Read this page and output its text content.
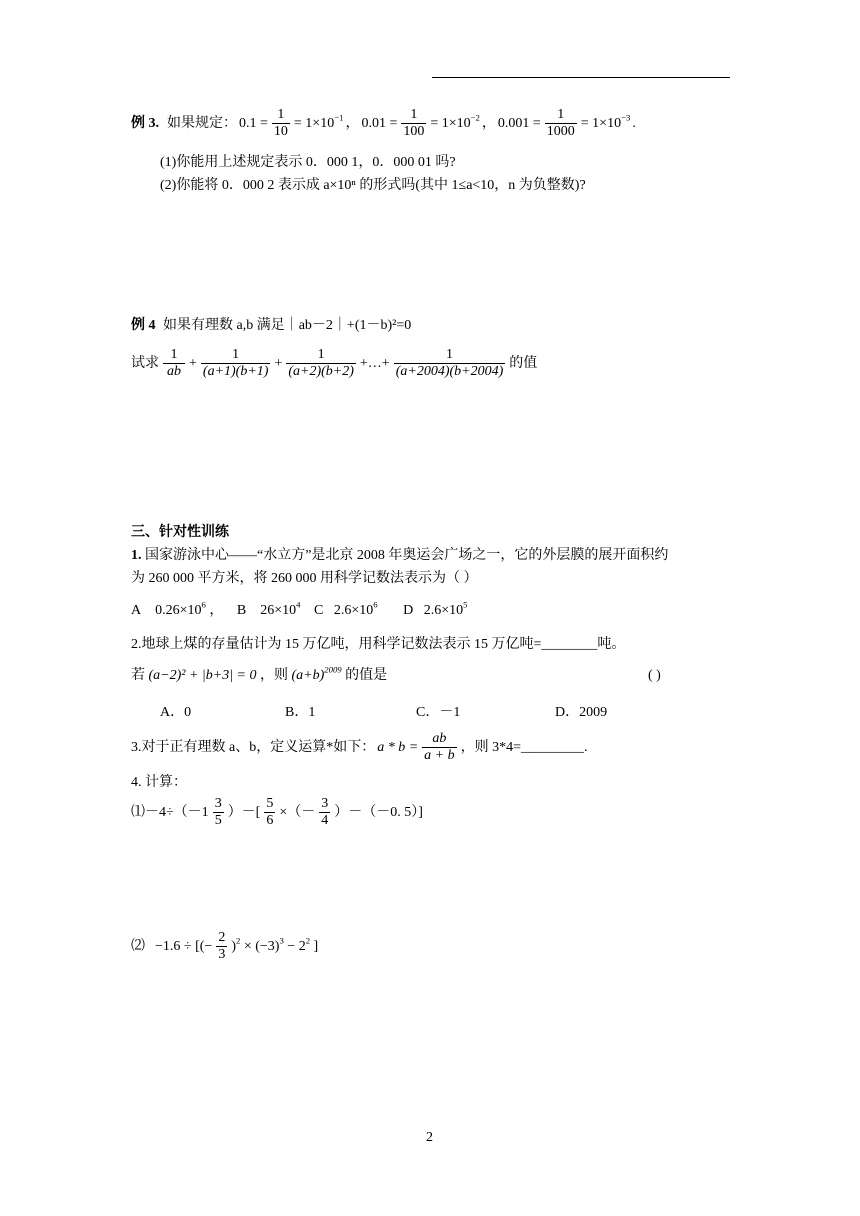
例 3. 如果规定： $0.1 = \frac{1}{10} = 1\times 10^{-1}$ ， $0.01 = \frac{1}{100} = 1\times 10^{-2}$ ， $0.001 = \frac{1}{1000} = 1\times 10^{-3}$ .
(1)你能用上述规定表示 0．000 1，0．000 01 吗?
(2)你能将 0．000 2 表示成 a×10ⁿ 的形式吗(其中 1≤a<10，n 为负整数)?
例 4 如果有理数 a,b 满足｜ab－2｜+(1－b)²=0
试求 $\frac{1}{ab} + \frac{1}{(a+1)(b+1)} + \frac{1}{(a+2)(b+2)}$ +…+ $\frac{1}{(a+2004)(b+2004)}$ 的值
三、针对性训练
1. 国家游泳中心——“水立方”是北京 2008 年奥运会广场之一，它的外层膜的展开面积约
为 260 000 平方米，将 260 000 用科学记数法表示为（ ）
A $0.26\times 10^6$ ， B $26\times 10^4$ C $2.6\times 10^6$ D $2.6\times 10^5$
2.地球上煤的存量估计为 15 万亿吨，用科学记数法表示 15 万亿吨=________吨。
若 (a−2)² + |b+3| = 0 ，则 $(a+b)^{2009}$ 的值是	( )
A．0	B．1	C．－1	D．2009
3.对于正有理数 a、b，定义运算*如下： $a * b = \frac{ab}{a + b}$ ，则 3*4=_________.
4. 计算：
⑴－4÷（－1 $\frac{3}{5}$ ）－[ $\frac{5}{6}$ ×（－ $\frac{3}{4} )-(-0$. 5）]
⑵ −1.6 ÷ [(− $\frac{2}{3} )^2 \times (-3)^3 - 2^2$ ]
2
